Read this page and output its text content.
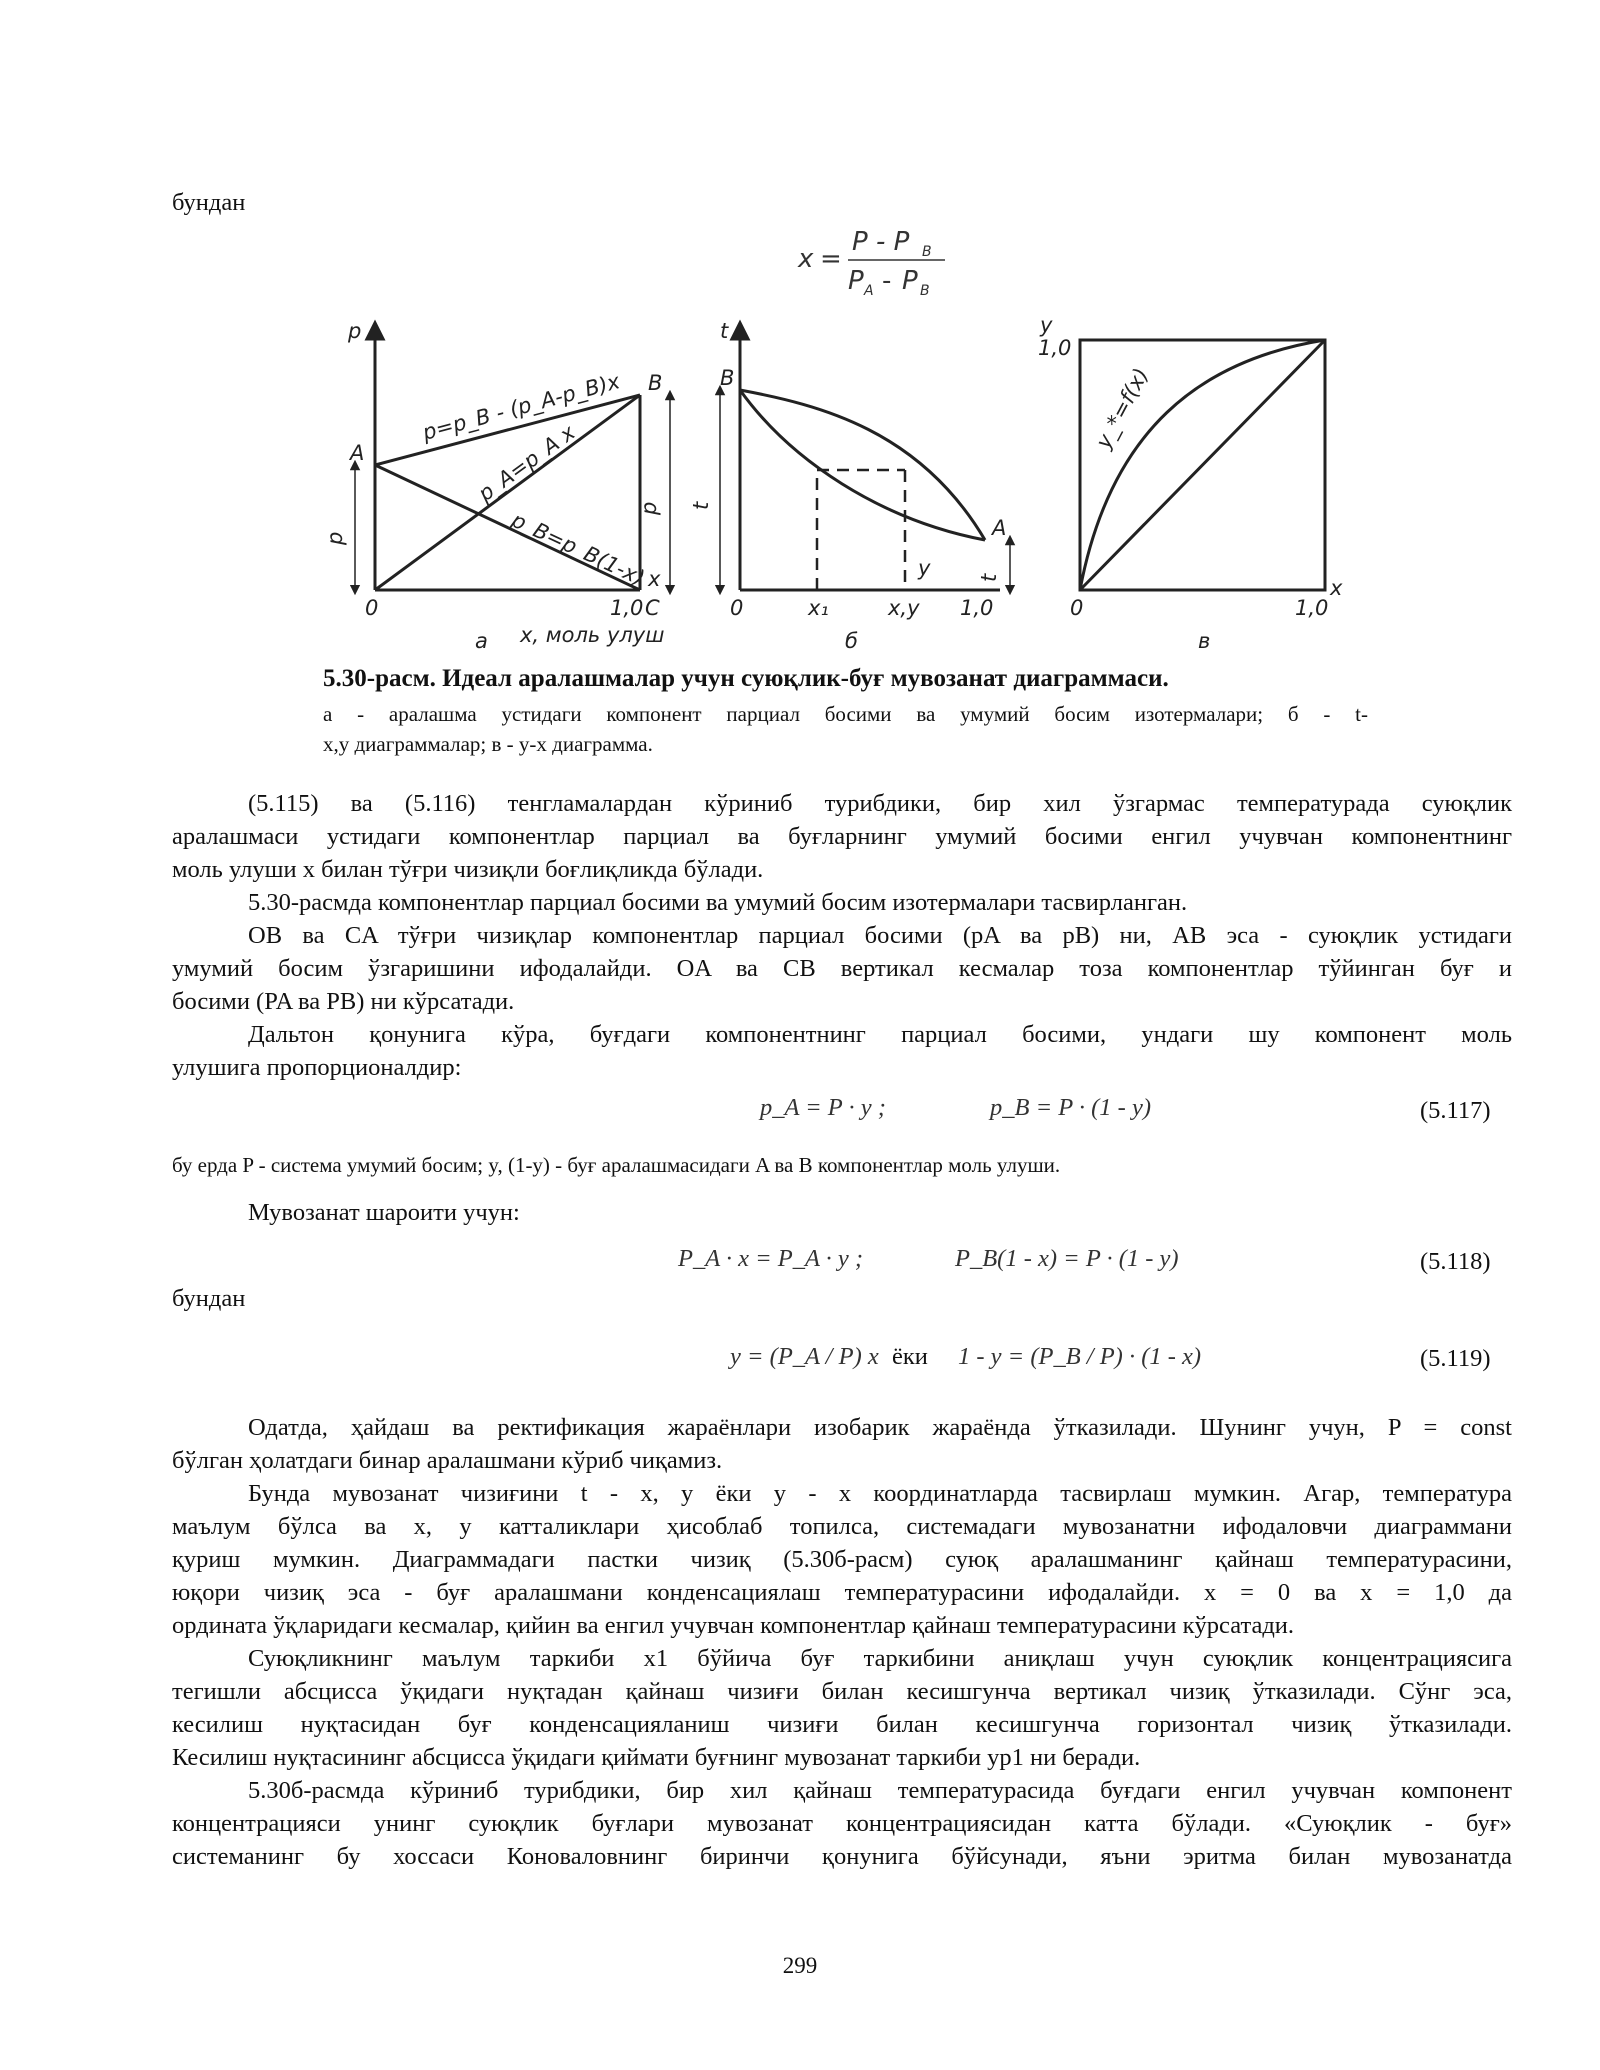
бундан
x =
P - P B
P A - P B
p
A
B
C
x
0	1,0
x, моль улуш
а
p
p
p=p_B - (p_A-p_B)x
p_A=p_A x
p_B=p_B(1-x)
t
B
A
0	x₁	x,y 1,0
б
t
t
y
y
1,0
0	1,0
x
y_*=f(x)
в
5.30-расм. Идеал аралашмалар учун суюқлик-буғ мувозанат диаграммаси.
а - аралашма устидаги компонент парциал босими ва умумий босим изотермалари; б - t-
x,y диаграммалар; в - y-x диаграмма.
(5.115) ва (5.116) тенгламалардан кўриниб турибдики, бир хил ўзгармас температурада суюқлик
аралашмаси устидаги компонентлар парциал ва буғларнинг умумий босими енгил учувчан компонентнинг
моль улуши x билан тўғри чизиқли боғлиқликда бўлади.
5.30-расмда компонентлар парциал босими ва умумий босим изотермалари тасвирланган.
OB ва CA тўғри чизиқлар компонентлар парциал босими (pA ва pB) ни, AB эса - суюқлик устидаги
умумий босим ўзгаришини ифодалайди. OA ва CB вертикал кесмалар тоза компонентлар тўйинган буғ и
босими (PA ва PB) ни кўрсатади.
Дальтон қонунига кўра, буғдаги компонентнинг парциал босими, ундаги шу компонент моль
улушига пропорционалдир:
p_A = P · y ;	p_B = P · (1 - y)	(5.117)
бу ерда P - система умумий босим; y, (1-y) - буғ аралашмасидаги A ва B компонентлар моль улуши.
Мувозанат шароити учун:
P_A · x = P_A · y ;	P_B(1 - x) = P · (1 - y)	(5.118)
бундан
y = (P_A / P) x ёки 1 - y = (P_B / P) · (1 - x)	(5.119)
Одатда, ҳайдаш ва ректификация жараёнлари изобарик жараёнда ўтказилади. Шунинг учун, P = const
бўлган ҳолатдаги бинар аралашмани кўриб чиқамиз.
Бунда мувозанат чизиғини t - x, y ёки y - x координатларда тасвирлаш мумкин. Агар, температура
маълум бўлса ва x, y катталиклари ҳисоблаб топилса, системадаги мувозанатни ифодаловчи диаграммани
қуриш мумкин. Диаграммадаги пастки чизиқ (5.30б-расм) суюқ аралашманинг қайнаш температурасини,
юқори чизиқ эса - буғ аралашмани конденсациялаш температурасини ифодалайди. x = 0 ва x = 1,0 да
ордината ўқларидаги кесмалар, қийин ва енгил учувчан компонентлар қайнаш температурасини кўрсатади.
Суюқликнинг маълум таркиби x1 бўйича буғ таркибини аниқлаш учун суюқлик концентрациясига
тегишли абсцисса ўқидаги нуқтадан қайнаш чизиғи билан кесишгунча вертикал чизиқ ўтказилади. Сўнг эса,
кесилиш нуқтасидан буғ конденсацияланиш чизиғи билан кесишгунча горизонтал чизиқ ўтказилади.
Кесилиш нуқтасининг абсцисса ўқидаги қиймати буғнинг мувозанат таркиби yp1 ни беради.
5.30б-расмда кўриниб турибдики, бир хил қайнаш температурасида буғдаги енгил учувчан компонент
концентрацияси унинг суюқлик буғлари мувозанат концентрациясидан катта бўлади. «Суюқлик - буғ»
системанинг бу хоссаси Коноваловнинг биринчи қонунига бўйсунади, яъни эритма билан мувозанатда
299
